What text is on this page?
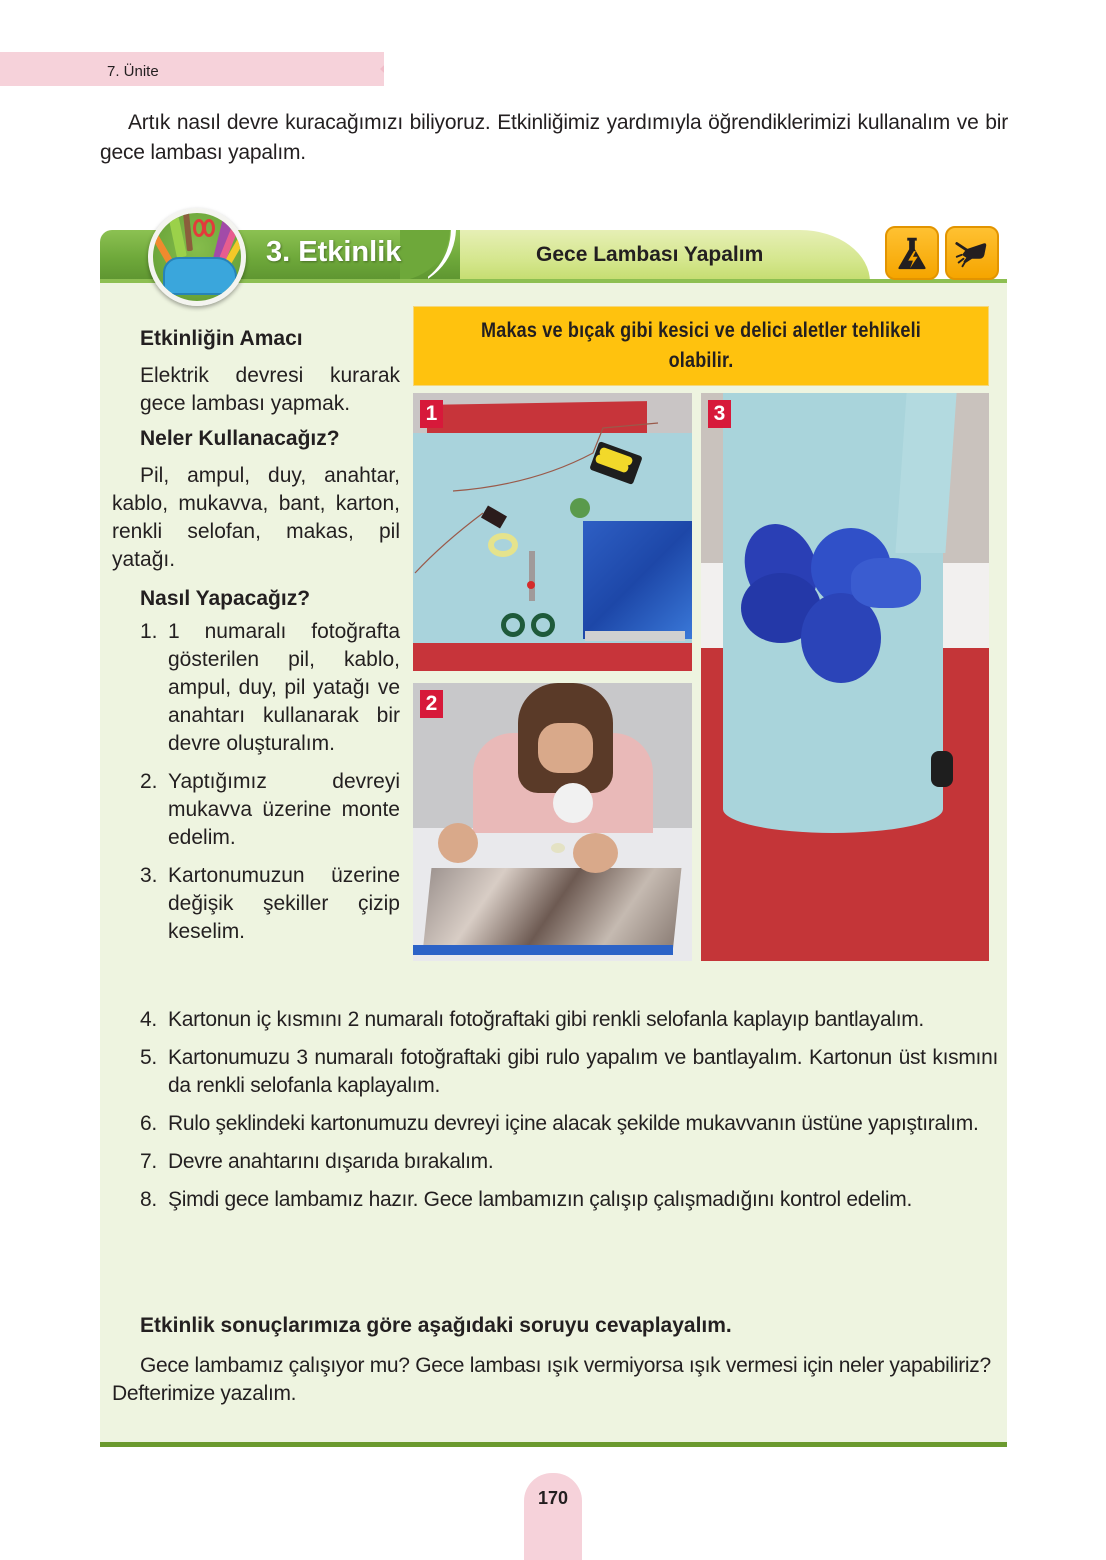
7. Ünite

Artık nasıl devre kuracağımızı biliyoruz. Etkinliğimiz yardımıyla öğrendiklerimizi kullanalım ve bir gece lambası yapalım.

3. Etkinlik	Gece Lambası Yapalım
Etkinliğin Amacı
Elektrik devresi kurarak gece lambası yapmak.
Neler Kullanacağız?
Pil, ampul, duy, anahtar, kablo, mukavva, bant, karton, renkli selofan, makas, pil yatağı.
Nasıl Yapacağız?
1. 1 numaralı fotoğrafta gösterilen pil, kablo, ampul, duy, pil yatağı ve anahtarı kullanarak bir devre oluşturalım.
2. Yaptığımız devreyi mukavva üzerine monte edelim.
3. Kartonumuzun üzerine değişik şekiller çizip keselim.
Makas ve bıçak gibi kesici ve delici aletler tehlikeli olabilir.
1
2
3
4. Kartonun iç kısmını 2 numaralı fotoğraftaki gibi renkli selofanla kaplayıp bantlayalım.
5. Kartonumuzu 3 numaralı fotoğraftaki gibi rulo yapalım ve bantlayalım. Kartonun üst kısmını da renkli selofanla kaplayalım.
6. Rulo şeklindeki kartonumuzu devreyi içine alacak şekilde mukavvanın üstüne yapıştıralım.
7. Devre anahtarını dışarıda bırakalım.
8. Şimdi gece lambamız hazır. Gece lambamızın çalışıp çalışmadığını kontrol edelim.
Etkinlik sonuçlarımıza göre aşağıdaki soruyu cevaplayalım.

Gece lambamız çalışıyor mu? Gece lambası ışık vermiyorsa ışık vermesi için neler yapabiliriz? Defterimize yazalım.

170
